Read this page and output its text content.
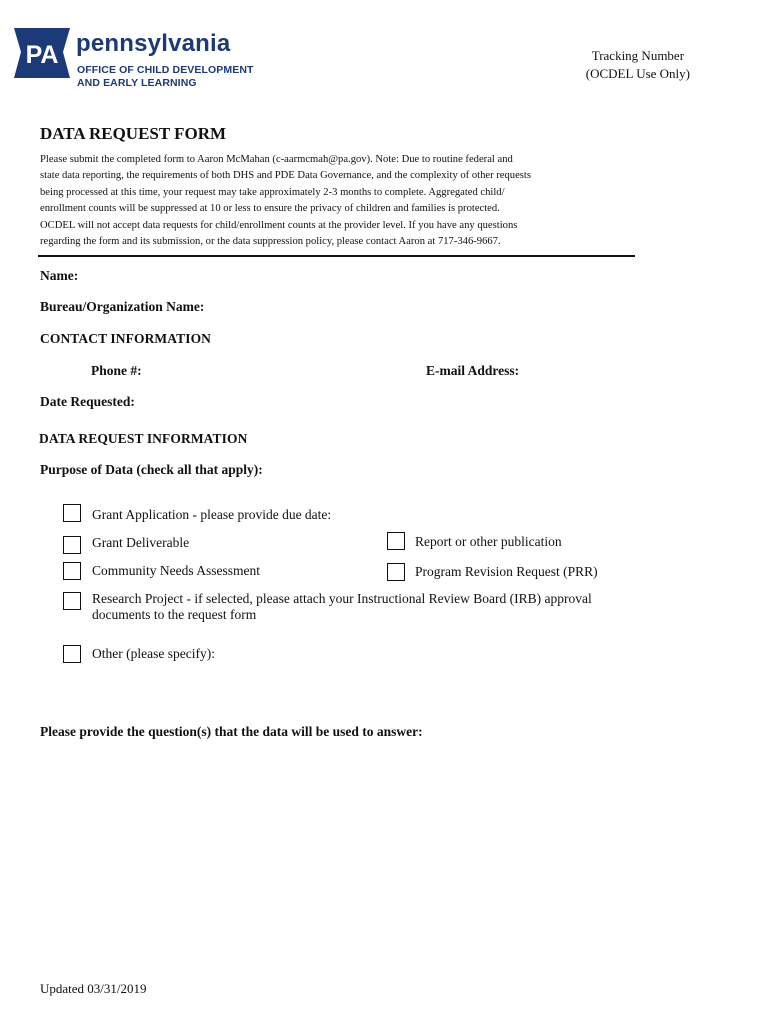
PA pennsylvania
OFFICE OF CHILD DEVELOPMENT
AND EARLY LEARNING
Tracking Number
(OCDEL Use Only)
DATA REQUEST FORM
Please submit the completed form to Aaron McMahan (c-aarmcmah@pa.gov). Note: Due to routine federal and
state data reporting, the requirements of both DHS and PDE Data Governance, and the complexity of other requests
being processed at this time, your request may take approximately 2-3 months to complete. Aggregated child/
enrollment counts will be suppressed at 10 or less to ensure the privacy of children and families is protected.
OCDEL will not accept data requests for child/enrollment counts at the provider level. If you have any questions
regarding the form and its submission, or the data suppression policy, please contact Aaron at 717-346-9667.
Name:
Bureau/Organization Name:
CONTACT INFORMATION
Phone #:	E-mail Address:
Date Requested:
DATA REQUEST INFORMATION
Purpose of Data (check all that apply):
Grant Application - please provide due date:
Grant Deliverable	Report or other publication
Community Needs Assessment	Program Revision Request (PRR)
Research Project - if selected, please attach your Instructional Review Board (IRB) approval
documents to the request form
Other (please specify):
Please provide the question(s) that the data will be used to answer:
Updated 03/31/2019
